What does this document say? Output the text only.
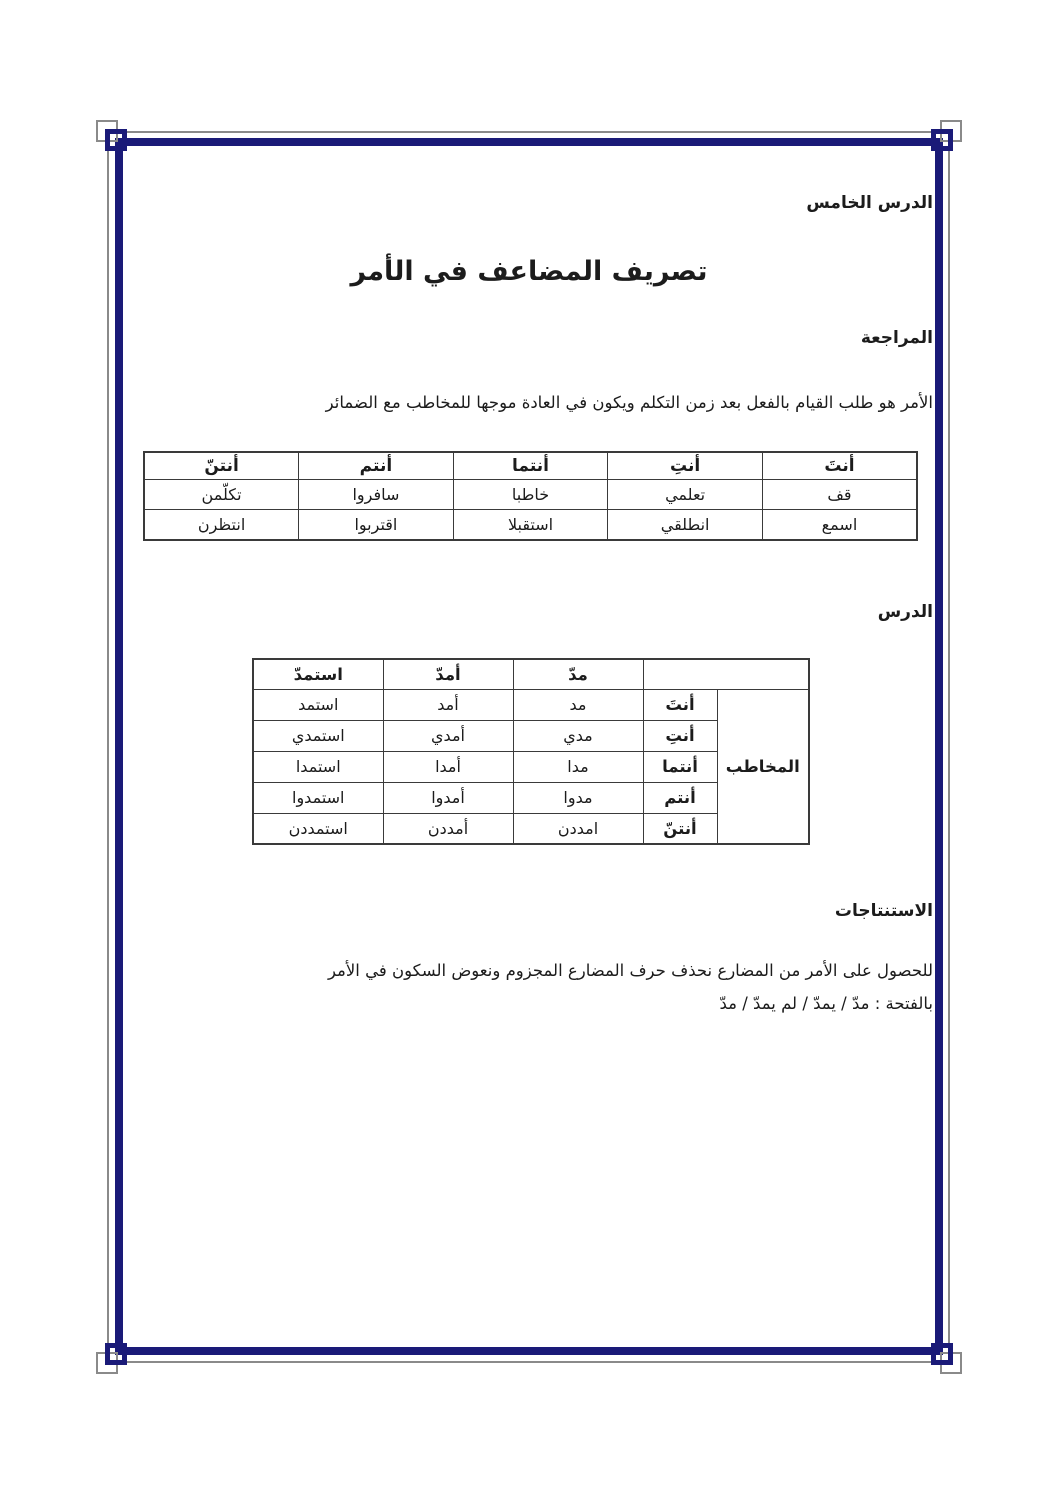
الدرس الخامس
تصريف المضاعف في الأمر
المراجعة
الأمر هو طلب القيام بالفعل بعد زمن التكلم ويكون في العادة موجها للمخاطب مع الضمائر
أنتَ	أنتِ	أنتما	أنتم	أنتنّ
قف	تعلمي	خاطبا	سافروا	تكلّمن
اسمع	انطلقي	استقبلا	اقتربوا	انتظرن
الدرس
		مدّ	أمدّ	استمدّ
المخاطب	أنتَ	مد	أمد	استمد
	أنتِ	مدي	أمدي	استمدي
	أنتما	مدا	أمدا	استمدا
	أنتم	مدوا	أمدوا	استمدوا
	أنتنّ	امددن	أمددن	استمددن
الاستنتاجات
للحصول على الأمر من المضارع نحذف حرف المضارع المجزوم ونعوض السكون في الأمر
بالفتحة : مدّ / يمدّ / لم يمدّ / مدّ
